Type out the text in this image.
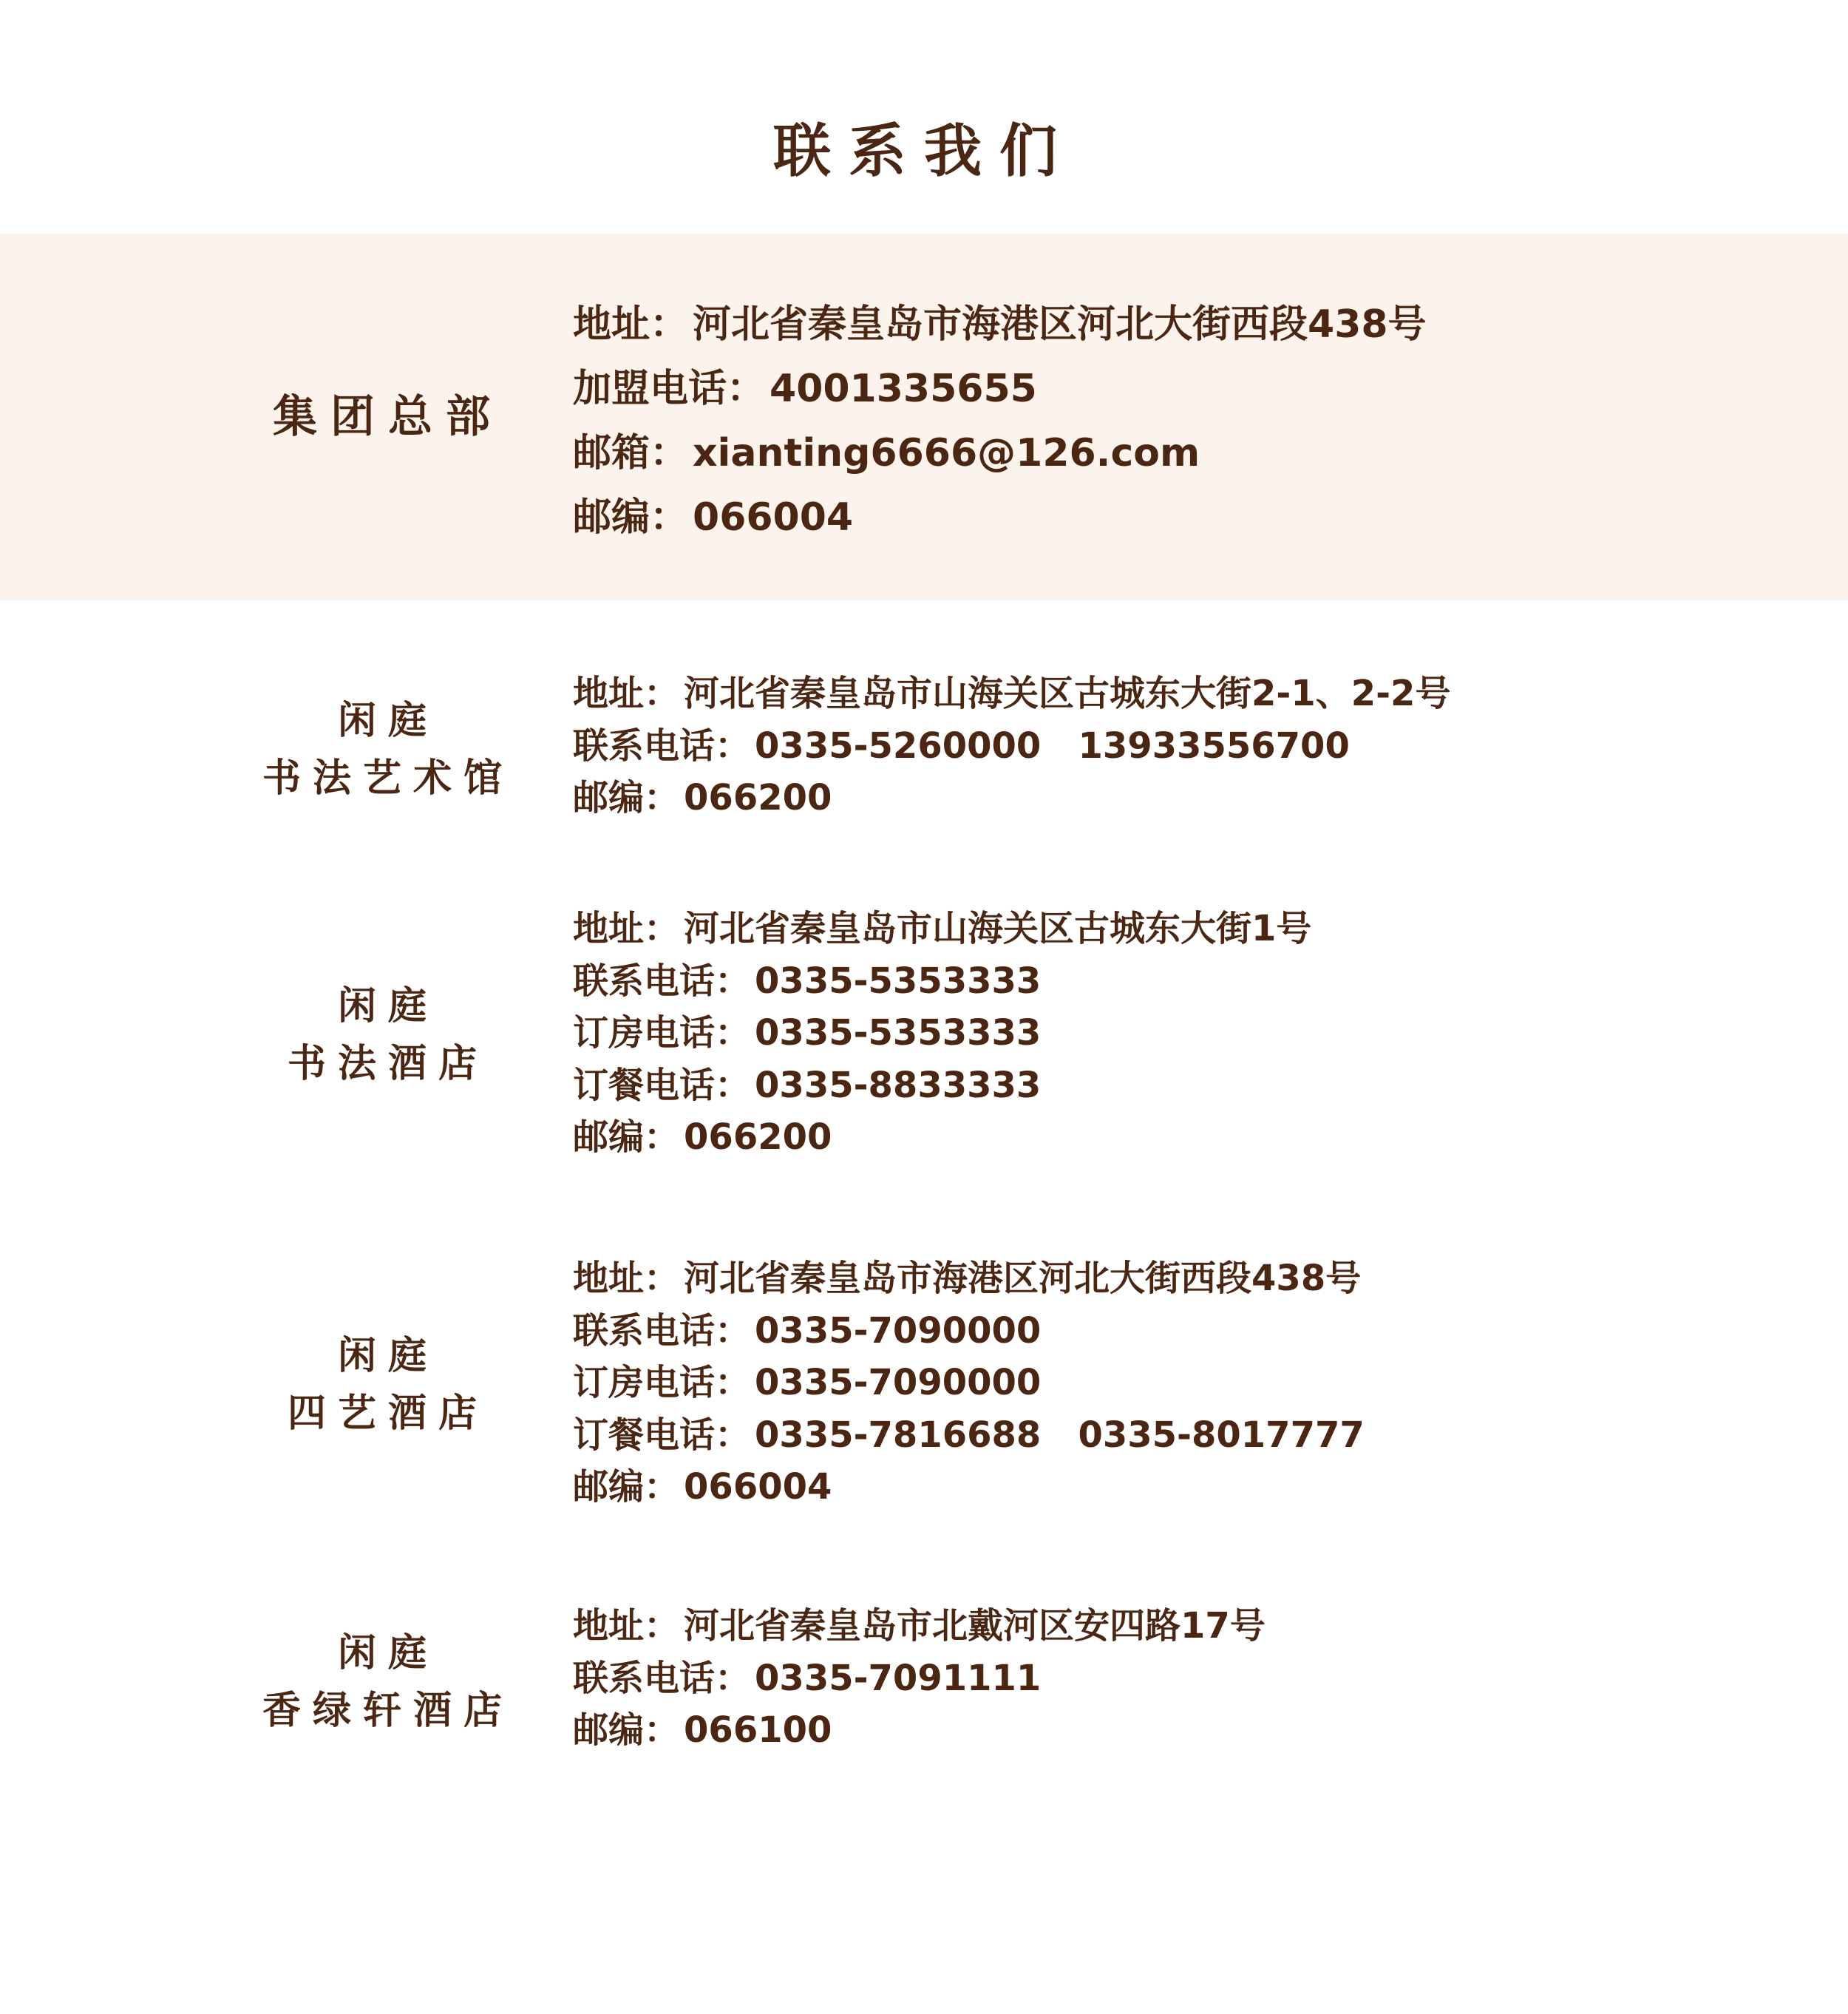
联系我们
集团总部
地址： 河北省秦皇岛市海港区河北大街西段438号
加盟电话： 4001335655
邮箱： xianting6666@126.com
邮编： 066004
闲庭
书法艺术馆
地址： 河北省秦皇岛市山海关区古城东大街2-1、2-2号
联系电话： 0335-5260000   13933556700
邮编： 066200
闲庭
书法酒店
地址： 河北省秦皇岛市山海关区古城东大街1号
联系电话： 0335-5353333
订房电话： 0335-5353333
订餐电话： 0335-8833333
邮编： 066200
闲庭
四艺酒店
地址： 河北省秦皇岛市海港区河北大街西段438号
联系电话： 0335-7090000
订房电话： 0335-7090000
订餐电话： 0335-7816688   0335-8017777
邮编： 066004
闲庭
香绿轩酒店
地址： 河北省秦皇岛市北戴河区安四路17号
联系电话： 0335-7091111
邮编： 066100
